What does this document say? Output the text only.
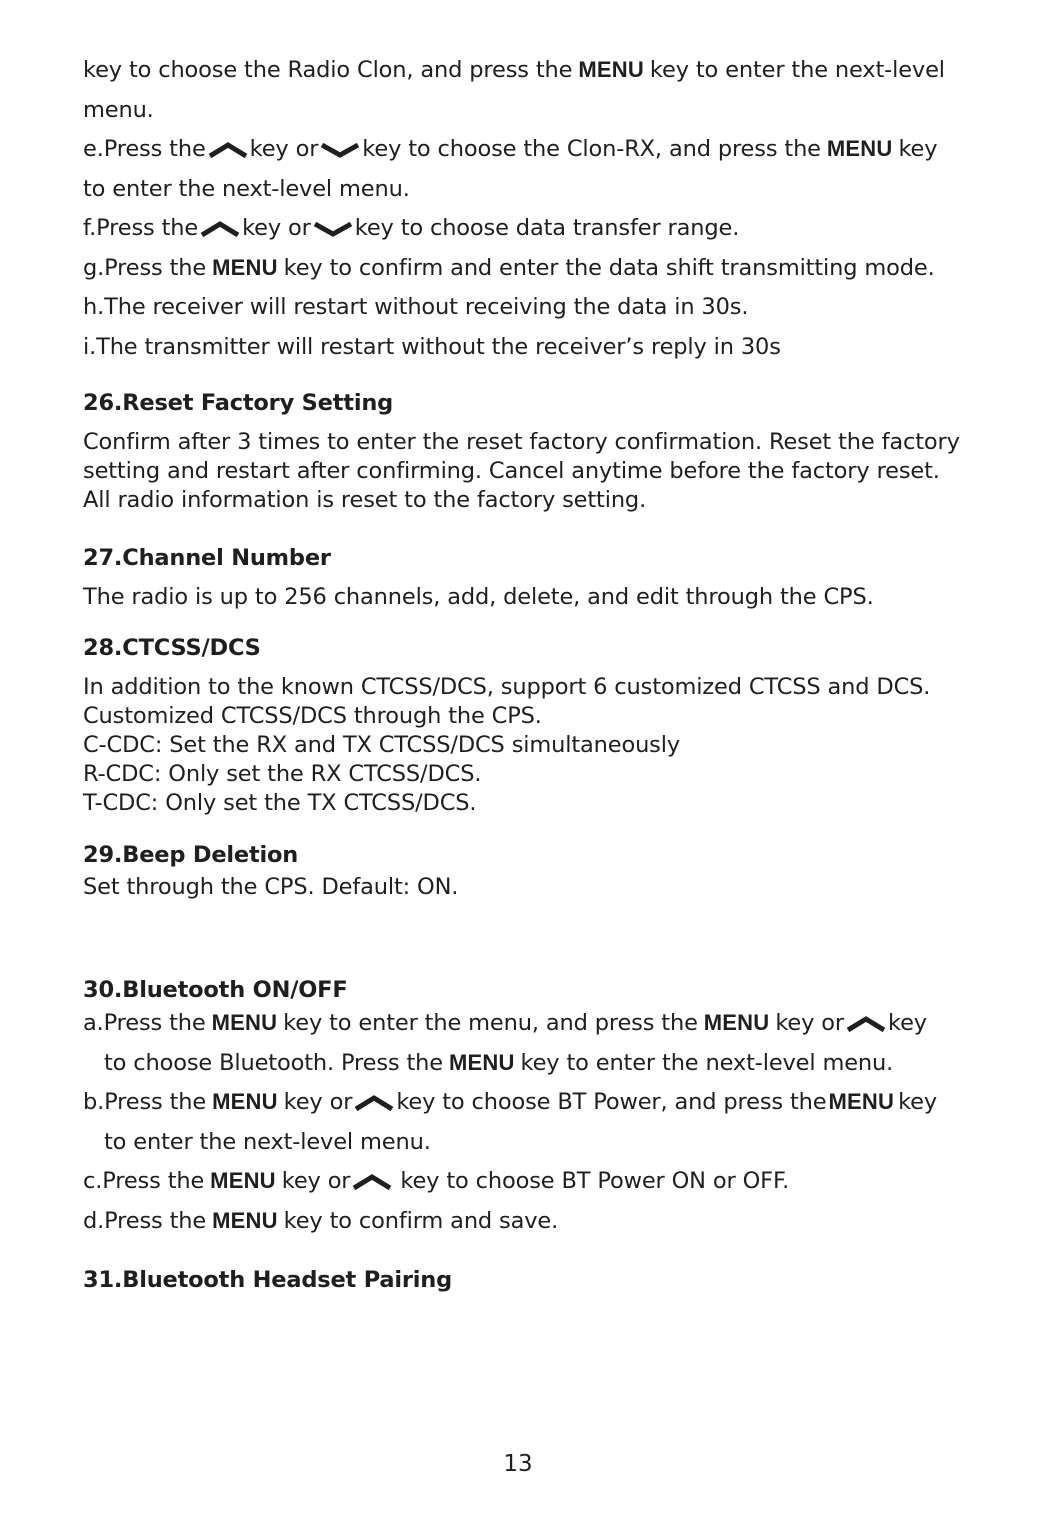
key to choose the Radio Clon, and press the MENU key to enter the next-level
menu.
e.Press the key or key to choose the Clon-RX, and press the MENU key
to enter the next-level menu.
f.Press the key or key to choose data transfer range.
g.Press the MENU key to confirm and enter the data shift transmitting mode.
h.The receiver will restart without receiving the data in 30s.
i.The transmitter will restart without the receiver’s reply in 30s
26.Reset Factory Setting
Confirm after 3 times to enter the reset factory confirmation. Reset the factory
setting and restart after confirming. Cancel anytime before the factory reset.
All radio information is reset to the factory setting.
27.Channel Number
The radio is up to 256 channels, add, delete, and edit through the CPS.
28.CTCSS/DCS
In addition to the known CTCSS/DCS, support 6 customized CTCSS and DCS.
Customized CTCSS/DCS through the CPS.
C-CDC: Set the RX and TX CTCSS/DCS simultaneously
R-CDC: Only set the RX CTCSS/DCS.
T-CDC: Only set the TX CTCSS/DCS.
29.Beep Deletion
Set through the CPS. Default: ON.
30.Bluetooth ON/OFF
a.Press the MENU key to enter the menu, and press the MENU key or key
to choose Bluetooth. Press the MENU key to enter the next-level menu.
b.Press the MENU key or key to choose BT Power, and press theMENU key
to enter the next-level menu.
c.Press the MENU key or key to choose BT Power ON or OFF.
d.Press the MENU key to confirm and save.
31.Bluetooth Headset Pairing
13
